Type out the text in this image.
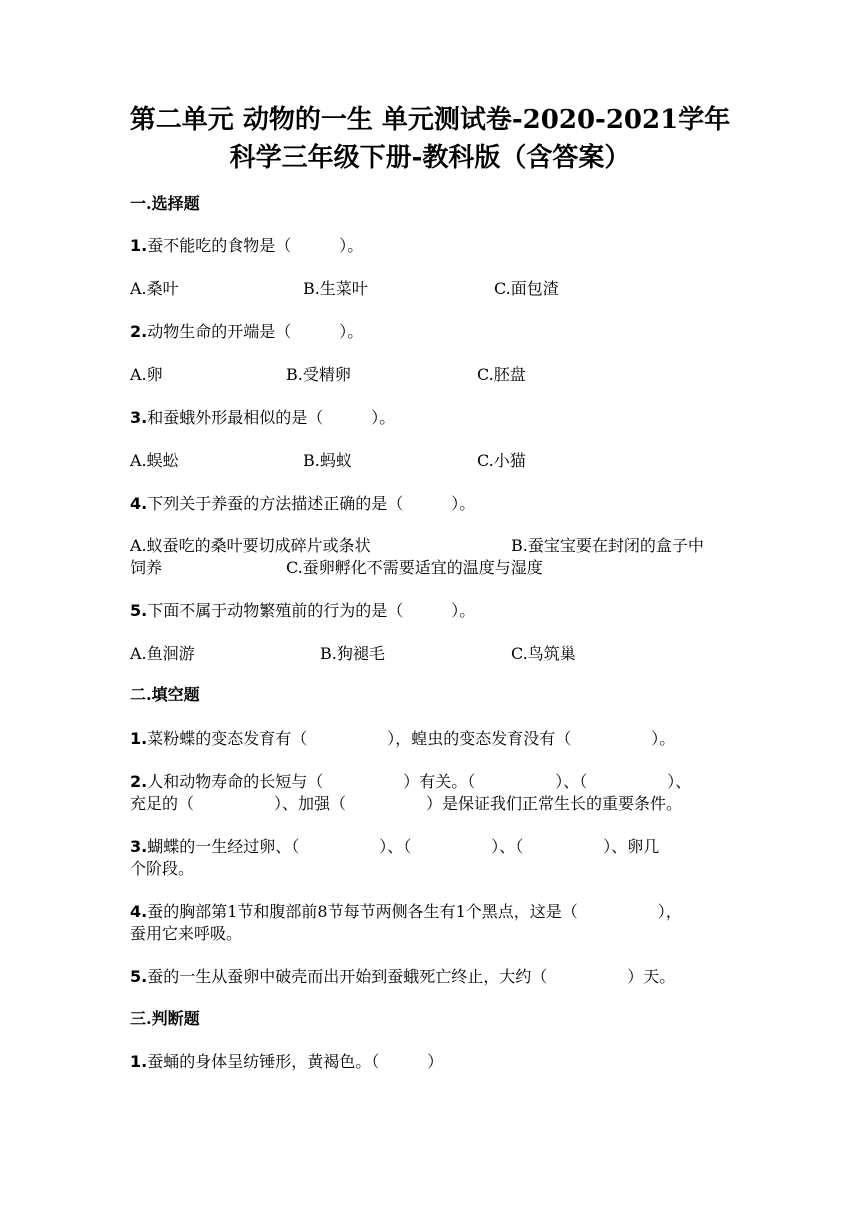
第二单元 动物的一生 单元测试卷-2020-2021学年
科学三年级下册-教科版（含答案）
一.选择题
1.蚕不能吃的食物是（　　　）。
A.桑叶	B.生菜叶	C.面包渣
2.动物生命的开端是（　　　）。
A.卵	B.受精卵	C.胚盘
3.和蚕蛾外形最相似的是（　　　）。
A.蜈蚣	B.蚂蚁	C.小猫
4.下列关于养蚕的方法描述正确的是（　　　）。
A.蚁蚕吃的桑叶要切成碎片或条状	B.蚕宝宝要在封闭的盒子中
饲养	C.蚕卵孵化不需要适宜的温度与湿度
5.下面不属于动物繁殖前的行为的是（　　　）。
A.鱼洄游	B.狗褪毛	C.鸟筑巢
二.填空题
1.菜粉蝶的变态发育有（　　　　　），蝗虫的变态发育没有（　　　　　）。
2.人和动物寿命的长短与（　　　　　）有关。（　　　　　）、（　　　　　）、
充足的（　　　　　）、加强（　　　　　）是保证我们正常生长的重要条件。
3.蝴蝶的一生经过卵、（　　　　　）、（　　　　　）、（　　　　　）、卵几
个阶段。
4.蚕的胸部第1节和腹部前8节每节两侧各生有1个黑点，这是（　　　　　），
蚕用它来呼吸。
5.蚕的一生从蚕卵中破壳而出开始到蚕蛾死亡终止，大约（　　　　　）天。
三.判断题
1.蚕蛹的身体呈纺锤形，黄褐色。（　　　）
